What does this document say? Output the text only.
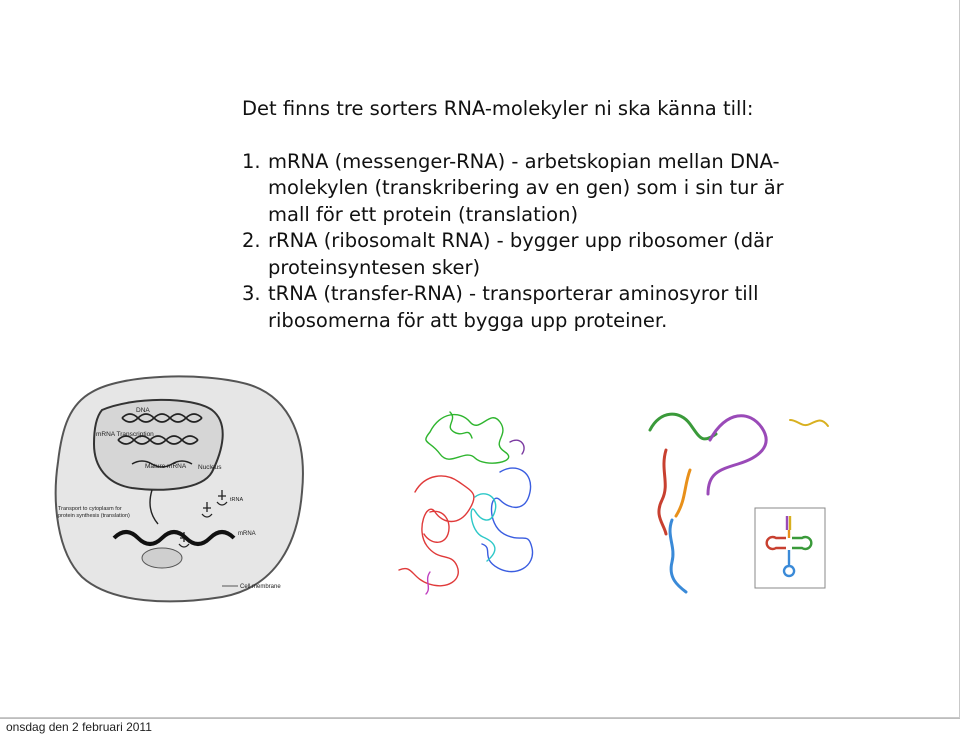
Det finns tre sorters RNA-molekyler ni ska känna till:

1. mRNA (messenger-RNA) - arbetskopian mellan DNA-molekylen (transkribering av en gen) som i sin tur är mall för ett protein (translation)
2. rRNA (ribosomalt RNA) - bygger upp ribosomer (där proteinsyntesen sker)
3. tRNA (transfer-RNA) - transporterar aminosyror till ribosomerna för att bygga upp proteiner.
DNA
mRNA Transcription
Mature mRNA Nucleus
Transport to cytoplasm for
protein synthesis (translation)
tRNA
mRNA
Cell membrane
onsdag den 2 februari 2011
